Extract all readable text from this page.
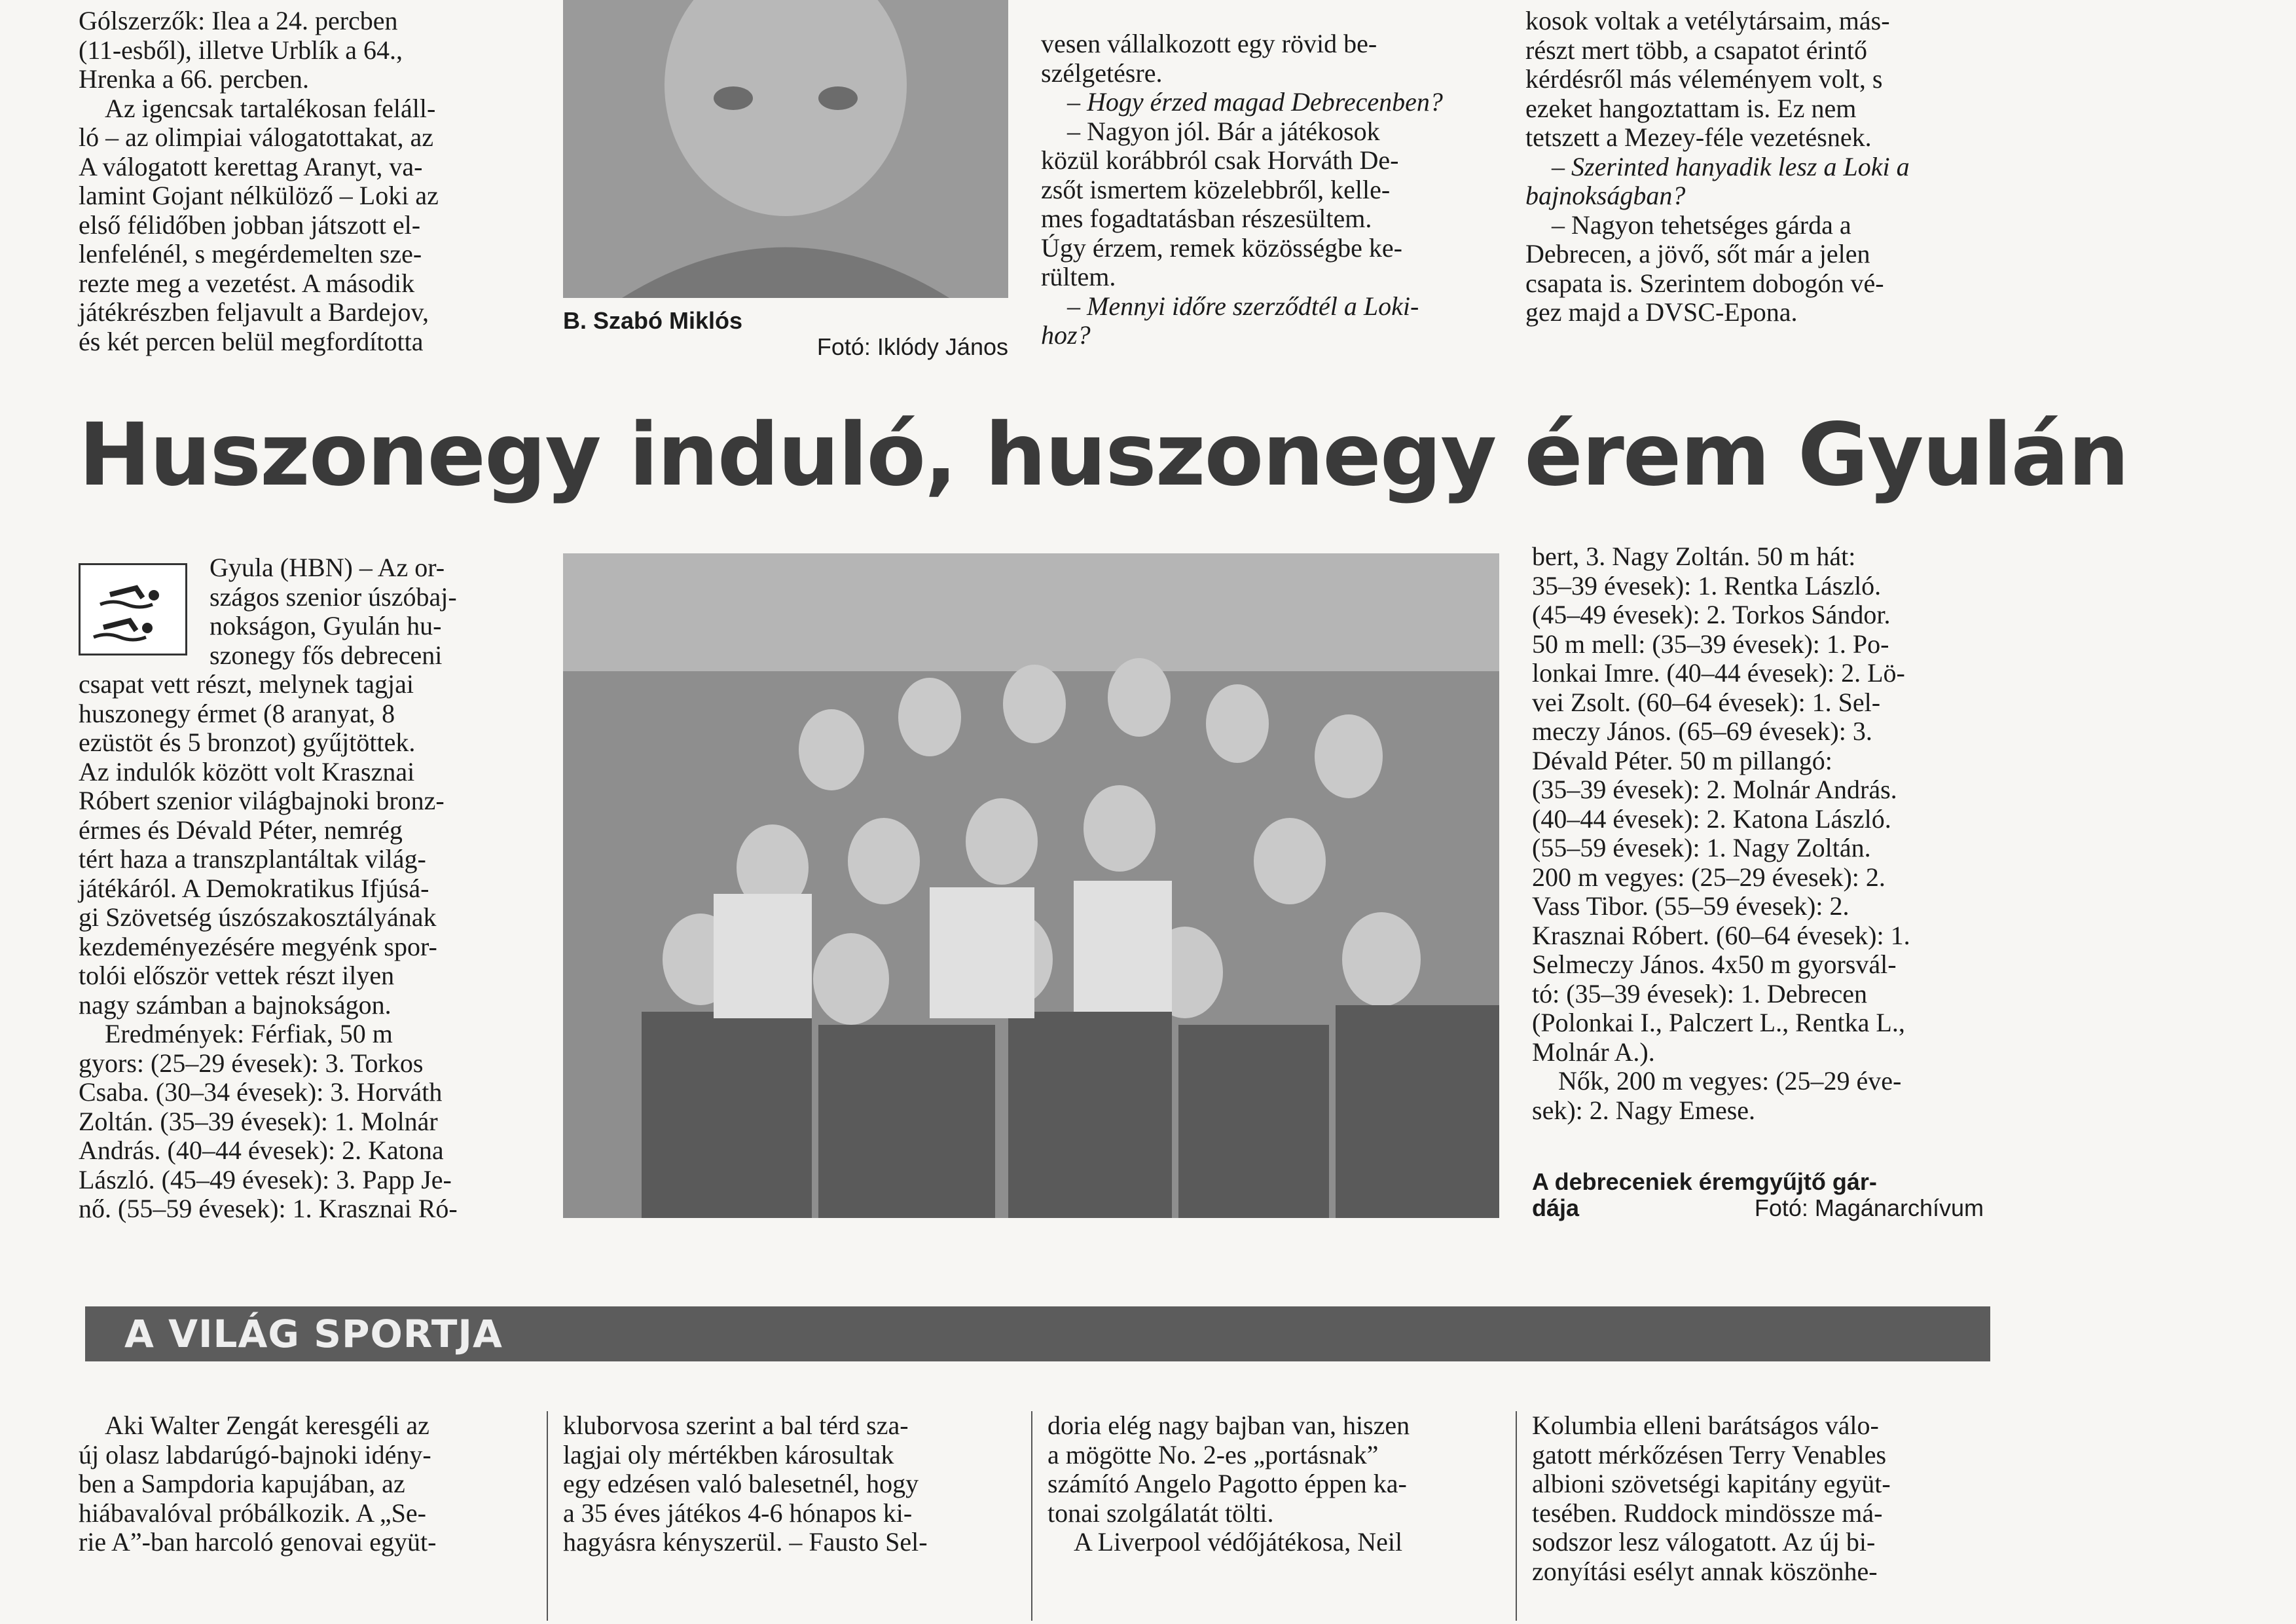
Gólszerzők: Ilea a 24. percben
(11-esből), illetve Urblík a 64.,
Hrenka a 66. percben.
Az igencsak tartalékosan feláll-
ló – az olimpiai válogatottakat, az
A válogatott kerettag Aranyt, va-
lamint Gojant nélkülöző – Loki az
első félidőben jobban játszott el-
lenfelénél, s megérdemelten sze-
rezte meg a vezetést. A második
játékrészben feljavult a Bardejov,
és két percen belül megfordította
B. Szabó Miklós
Fotó: Iklódy János
vesen vállalkozott egy rövid be-
szélgetésre.
– Hogy érzed magad Debrecenben?
– Nagyon jól. Bár a játékosok
közül korábbról csak Horváth De-
zsőt ismertem közelebbről, kelle-
mes fogadtatásban részesültem.
Úgy érzem, remek közösségbe ke-
rültem.
– Mennyi időre szerződtél a Loki-
hoz?
kosok voltak a vetélytársaim, más-
részt mert több, a csapatot érintő
kérdésről más véleményem volt, s
ezeket hangoztattam is. Ez nem
tetszett a Mezey-féle vezetésnek.
– Szerinted hanyadik lesz a Loki a
bajnokságban?
– Nagyon tehetséges gárda a
Debrecen, a jövő, sőt már a jelen
csapata is. Szerintem dobogón vé-
gez majd a DVSC-Epona.
Huszonegy induló, huszonegy érem Gyulán
Gyula (HBN) – Az or-
szágos szenior úszóbaj-
nokságon, Gyulán hu-
szonegy fős debreceni
csapat vett részt, melynek tagjai
huszonegy érmet (8 aranyat, 8
ezüstöt és 5 bronzot) gyűjtöttek.
Az indulók között volt Krasznai
Róbert szenior világbajnoki bronz-
érmes és Dévald Péter, nemrég
tért haza a transzplantáltak világ-
játékáról. A Demokratikus Ifjúsá-
gi Szövetség úszószakosztályának
kezdeményezésére megyénk spor-
tolói először vettek részt ilyen
nagy számban a bajnokságon.
Eredmények: Férfiak, 50 m
gyors: (25–29 évesek): 3. Torkos
Csaba. (30–34 évesek): 3. Horváth
Zoltán. (35–39 évesek): 1. Molnár
András. (40–44 évesek): 2. Katona
László. (45–49 évesek): 3. Papp Je-
nő. (55–59 évesek): 1. Krasznai Ró-
bert, 3. Nagy Zoltán. 50 m hát:
35–39 évesek): 1. Rentka László.
(45–49 évesek): 2. Torkos Sándor.
50 m mell: (35–39 évesek): 1. Po-
lonkai Imre. (40–44 évesek): 2. Lö-
vei Zsolt. (60–64 évesek): 1. Sel-
meczy János. (65–69 évesek): 3.
Dévald Péter. 50 m pillangó:
(35–39 évesek): 2. Molnár András.
(40–44 évesek): 2. Katona László.
(55–59 évesek): 1. Nagy Zoltán.
200 m vegyes: (25–29 évesek): 2.
Vass Tibor. (55–59 évesek): 2.
Krasznai Róbert. (60–64 évesek): 1.
Selmeczy János. 4x50 m gyorsvál-
tó: (35–39 évesek): 1. Debrecen
(Polonkai I., Palczert L., Rentka L.,
Molnár A.).
Nők, 200 m vegyes: (25–29 éve-
sek): 2. Nagy Emese.
A debreceniek éremgyűjtő gár-
dája	Fotó: Magánarchívum
A VILÁG SPORTJA
Aki Walter Zengát keresgéli az
új olasz labdarúgó-bajnoki idény-
ben a Sampdoria kapujában, az
hiábavalóval próbálkozik. A „Se-
rie A”-ban harcoló genovai együt-
kluborvosa szerint a bal térd sza-
lagjai oly mértékben károsultak
egy edzésen való balesetnél, hogy
a 35 éves játékos 4-6 hónapos ki-
hagyásra kényszerül. – Fausto Sel-
doria elég nagy bajban van, hiszen
a mögötte No. 2-es „portásnak”
számító Angelo Pagotto éppen ka-
tonai szolgálatát tölti.
A Liverpool védőjátékosa, Neil
Kolumbia elleni barátságos válo-
gatott mérkőzésen Terry Venables
albioni szövetségi kapitány együt-
tesében. Ruddock mindössze má-
sodszor lesz válogatott. Az új bi-
zonyítási esélyt annak köszönhe-
